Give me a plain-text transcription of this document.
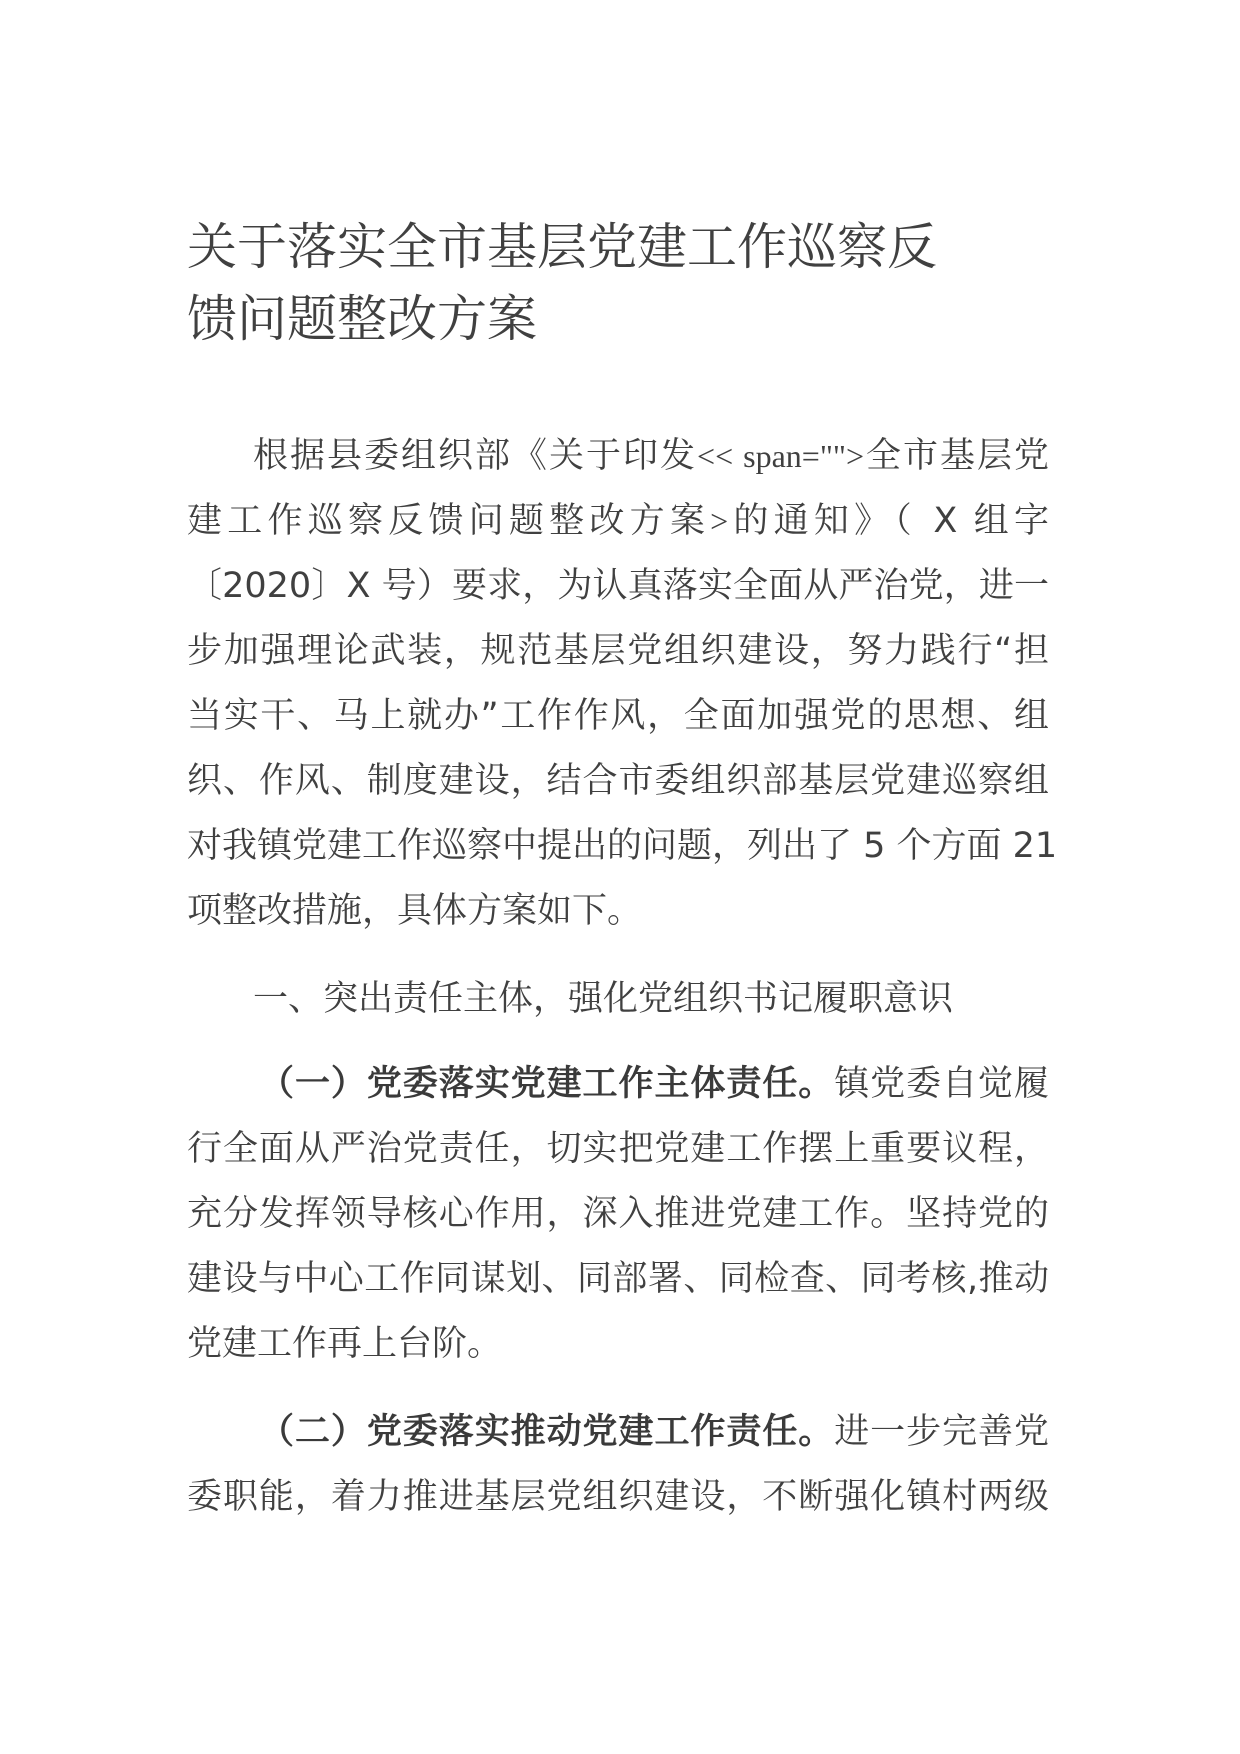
关于落实全市基层党建工作巡察反
馈问题整改方案
根据县委组织部《关于印发<< span="">全市基层党
建工作巡察反馈问题整改方案>的通知》（ X 组字
〔2020〕X 号）要求，为认真落实全面从严治党，进一
步加强理论武装，规范基层党组织建设，努力践行“担
当实干、马上就办”工作作风，全面加强党的思想、组
织、作风、制度建设，结合市委组织部基层党建巡察组
对我镇党建工作巡察中提出的问题，列出了 5 个方面 21
项整改措施，具体方案如下。
一、突出责任主体，强化党组织书记履职意识
（一）党委落实党建工作主体责任。镇党委自觉履
行全面从严治党责任，切实把党建工作摆上重要议程，
充分发挥领导核心作用，深入推进党建工作。坚持党的
建设与中心工作同谋划、同部署、同检查、同考核,推动
党建工作再上台阶。
（二）党委落实推动党建工作责任。进一步完善党
委职能，着力推进基层党组织建设，不断强化镇村两级
